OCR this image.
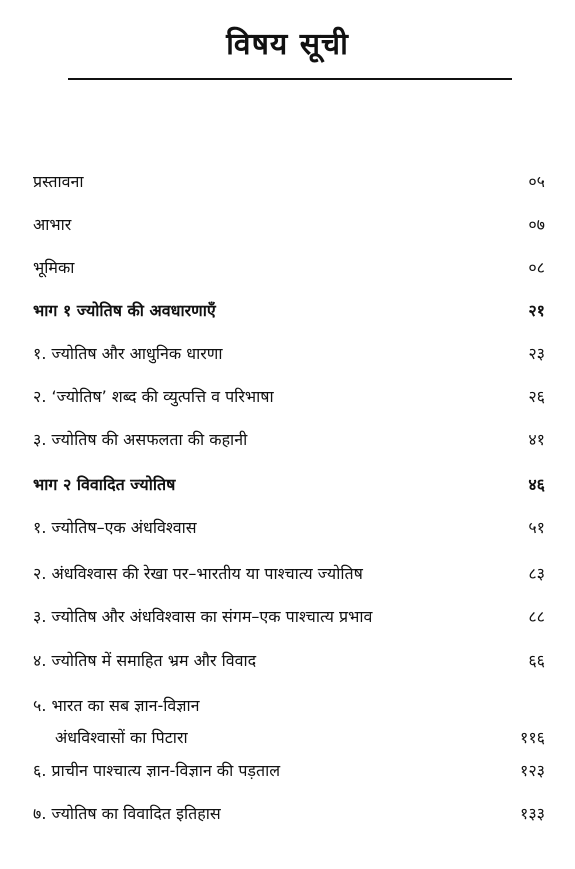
विषय सूची
प्रस्तावना	०५
आभार	०७
भूमिका	०८
भाग १ ज्योतिष की अवधारणाएँ	२१
१. ज्योतिष और आधुनिक धारणा	२३
२. ‘ज्योतिष’ शब्द की व्युत्पत्ति व परिभाषा	२६
३. ज्योतिष की असफलता की कहानी	४१
भाग २ विवादित ज्योतिष	४६
१. ज्योतिष–एक अंधविश्वास	५१
२. अंधविश्वास की रेखा पर–भारतीय या पाश्चात्य ज्योतिष	८३
३. ज्योतिष और अंधविश्वास का संगम–एक पाश्चात्य प्रभाव	८८
४. ज्योतिष में समाहित भ्रम और विवाद	६६
५. भारत का सब ज्ञान-विज्ञान
अंधविश्वासों का पिटारा	११६
६. प्राचीन पाश्चात्य ज्ञान-विज्ञान की पड़ताल	१२३
७. ज्योतिष का विवादित इतिहास	१३३
